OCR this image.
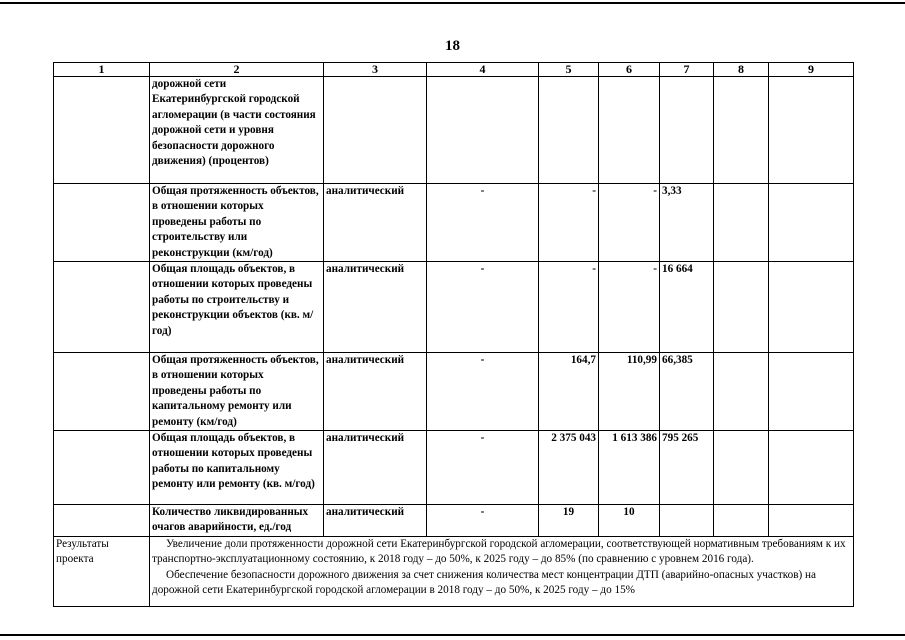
18
1	2	3	4	5	6	7	8	9
	дорожной сети Екатеринбургской городской агломерации (в части состояния дорожной сети и уровня безопасности дорожного движения) (процентов)							
	Общая протяженность объектов, в отношении которых проведены работы по строительству или реконструкции (км/год)	аналитический	-	-	-	3,33		
	Общая площадь объектов, в отношении которых проведены работы по строительству и реконструкции объектов (кв. м/год)	аналитический	-	-	-	16 664		
	Общая протяженность объектов, в отношении которых проведены работы по капитальному ремонту или ремонту (км/год)	аналитический	-	164,7	110,99	66,385		
	Общая площадь объектов, в отношении которых проведены работы по капитальному ремонту или ремонту (кв. м/год)	аналитический	-	2 375 043	1 613 386	795 265		
	Количество ликвидированных очагов аварийности, ед./год	аналитический	-	19	10			
Результаты проекта	Увеличение доли протяженности дорожной сети Екатеринбургской городской агломерации, соответствующей нормативным требованиям к их транспортно-эксплуатационному состоянию, к 2018 году – до 50%, к 2025 году – до 85% (по сравнению с уровнем 2016 года).
Обеспечение безопасности дорожного движения за счет снижения количества мест концентрации ДТП (аварийно-опасных участков) на дорожной сети Екатеринбургской городской агломерации в 2018 году – до 50%, к 2025 году – до 15%							
